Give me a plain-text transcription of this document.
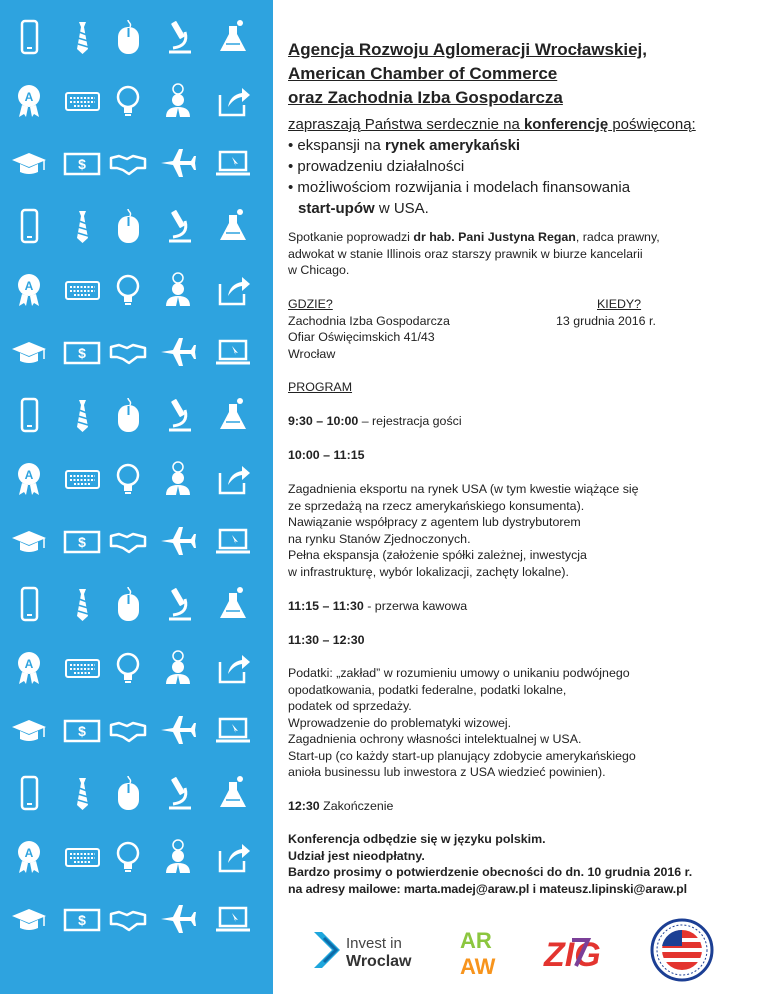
A
$
A
$
A
$
A
$
A
$

Agencja Rozwoju Aglomeracji Wrocławskiej,

American Chamber of Commerce

oraz Zachodnia Izba Gospodarcza

zapraszają Państwa serdecznie na konferencję poświęconą:

• ekspansji na rynek amerykański

• prowadzeniu działalności

• możliwościom rozwijania i modelach finansowania

start-upów w USA.

Spotkanie poprowadzi dr hab. Pani Justyna Regan, radca prawny,

adwokat w stanie Illinois oraz starszy prawnik w biurze kancelarii

w Chicago.

GDZIE?

Zachodnia Izba Gospodarcza

Ofiar Oświęcimskich 41/43

Wrocław

KIEDY?

13 grudnia 2016 r.

PROGRAM

9:30 – 10:00 – rejestracja gości

10:00 – 11:15

Zagadnienia eksportu na rynek USA (w tym kwestie wiążące się

ze sprzedażą na rzecz amerykańskiego konsumenta).

Nawiązanie współpracy z agentem lub dystrybutorem

na rynku Stanów Zjednoczonych.

Pełna ekspansja (założenie spółki zależnej, inwestycja

w infrastrukturę, wybór lokalizacji, zachęty lokalne).

11:15 – 11:30 - przerwa kawowa

11:30 – 12:30

Podatki: „zakład” w rozumieniu umowy o unikaniu podwójnego

opodatkowania, podatki federalne, podatki lokalne,

podatek od sprzedaży.

Wprowadzenie do problematyki wizowej.

Zagadnienia ochrony własności intelektualnej w USA.

Start-up (co każdy start-up planujący zdobycie amerykańskiego

anioła businessu lub inwestora z USA wiedzieć powinien).

12:30 Zakończenie

Konferencja odbędzie się w języku polskim.

Udział jest nieodpłatny.

Bardzo prosimy o potwierdzenie obecności do dn. 10 grudnia 2016 r.

na adresy mailowe: marta.madej@araw.pl i mateusz.lipinski@araw.pl

Invest in
Wroclaw
AR
AW ZIG
